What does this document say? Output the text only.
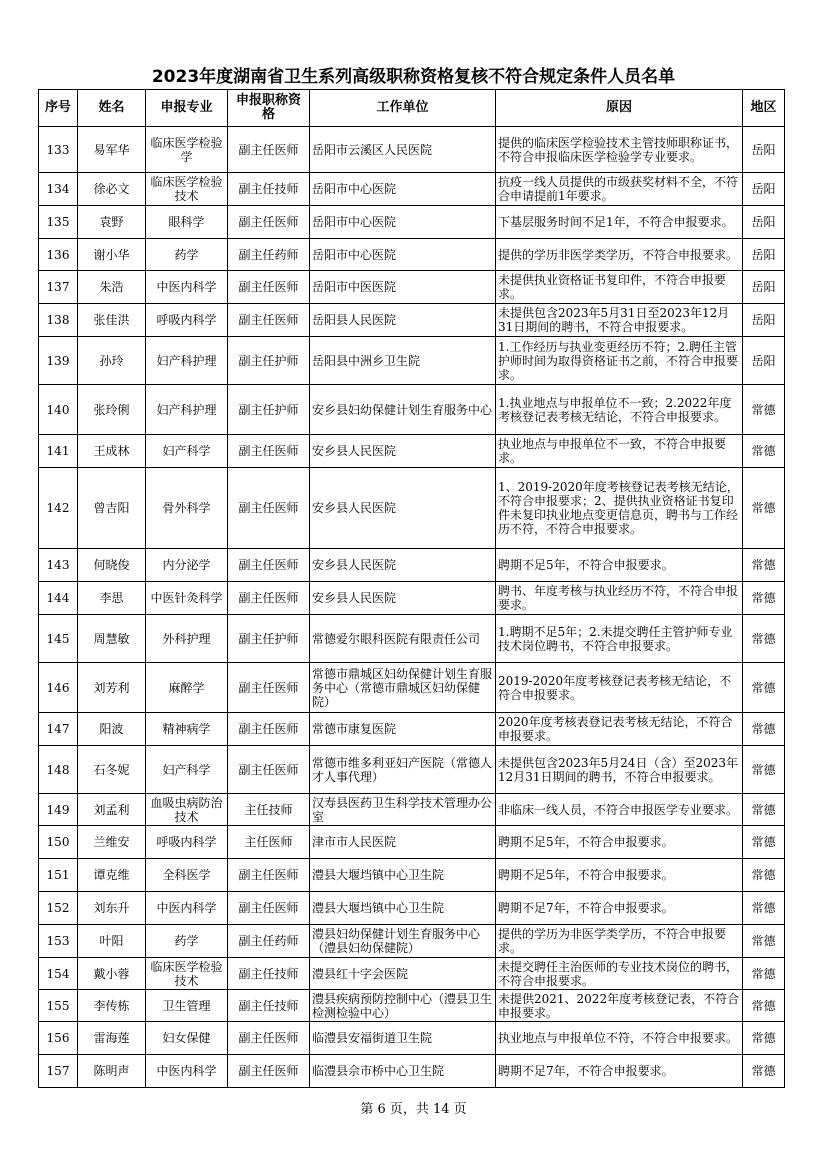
2023年度湖南省卫生系列高级职称资格复核不符合规定条件人员名单
序号	姓名	申报专业	申报职称资格	工作单位	原因	地区
133	易军华	临床医学检验学	副主任医师	岳阳市云溪区人民医院	提供的临床医学检验技术主管技师职称证书，不符合申报临床医学检验学专业要求。	岳阳
134	徐必文	临床医学检验技术	副主任技师	岳阳市中心医院	抗疫一线人员提供的市级获奖材料不全，不符合申请提前1年要求。	岳阳
135	袁野	眼科学	副主任医师	岳阳市中心医院	下基层服务时间不足1年，不符合申报要求。	岳阳
136	谢小华	药学	副主任药师	岳阳市中心医院	提供的学历非医学类学历，不符合申报要求。	岳阳
137	朱浩	中医内科学	副主任医师	岳阳市中医医院	未提供执业资格证书复印件，不符合申报要求。	岳阳
138	张佳洪	呼吸内科学	副主任医师	岳阳县人民医院	未提供包含2023年5月31日至2023年12月31日期间的聘书，不符合申报要求。	岳阳
139	孙玲	妇产科护理	副主任护师	岳阳县中洲乡卫生院	1.工作经历与执业变更经历不符；2.聘任主管护师时间为取得资格证书之前，不符合申报要求。	岳阳
140	张玲俐	妇产科护理	副主任护师	安乡县妇幼保健计划生育服务中心	1.执业地点与申报单位不一致；2.2022年度考核登记表考核无结论，不符合申报要求。	常德
141	王成林	妇产科学	副主任医师	安乡县人民医院	执业地点与申报单位不一致，不符合申报要求。	常德
142	曾吉阳	骨外科学	副主任医师	安乡县人民医院	1、2019-2020年度考核登记表考核无结论，不符合申报要求；2、提供执业资格证书复印件未复印执业地点变更信息页，聘书与工作经历不符，不符合申报要求。	常德
143	何晓俊	内分泌学	副主任医师	安乡县人民医院	聘期不足5年，不符合申报要求。	常德
144	李思	中医针灸科学	副主任医师	安乡县人民医院	聘书、年度考核与执业经历不符，不符合申报要求。	常德
145	周慧敏	外科护理	副主任护师	常德爱尔眼科医院有限责任公司	1.聘期不足5年；2.未提交聘任主管护师专业技术岗位聘书，不符合申报要求。	常德
146	刘芳利	麻醉学	副主任医师	常德市鼎城区妇幼保健计划生育服务中心（常德市鼎城区妇幼保健院）	2019-2020年度考核登记表考核无结论，不符合申报要求。	常德
147	阳波	精神病学	副主任医师	常德市康复医院	2020年度考核表登记表考核无结论，不符合申报要求。	常德
148	石冬妮	妇产科学	副主任医师	常德市维多利亚妇产医院（常德人才人事代理）	未提供包含2023年5月24日（含）至2023年12月31日期间的聘书，不符合申报要求。	常德
149	刘孟利	血吸虫病防治技术	主任技师	汉寿县医药卫生科学技术管理办公室	非临床一线人员，不符合申报医学专业要求。	常德
150	兰维安	呼吸内科学	主任医师	津市市人民医院	聘期不足5年，不符合申报要求。	常德
151	谭克维	全科医学	副主任医师	澧县大堰垱镇中心卫生院	聘期不足5年，不符合申报要求。	常德
152	刘东升	中医内科学	副主任医师	澧县大堰垱镇中心卫生院	聘期不足7年，不符合申报要求。	常德
153	叶阳	药学	副主任药师	澧县妇幼保健计划生育服务中心（澧县妇幼保健院）	提供的学历为非医学类学历，不符合申报要求。	常德
154	戴小蓉	临床医学检验技术	副主任技师	澧县红十字会医院	未提交聘任主治医师的专业技术岗位的聘书，不符合申报要求。	常德
155	李传栋	卫生管理	副主任技师	澧县疾病预防控制中心（澧县卫生检测检验中心）	未提供2021、2022年度考核登记表，不符合申报要求。	常德
156	雷海莲	妇女保健	副主任医师	临澧县安福街道卫生院	执业地点与申报单位不符，不符合申报要求。	常德
157	陈明声	中医内科学	副主任医师	临澧县佘市桥中心卫生院	聘期不足7年，不符合申报要求。	常德
第 6 页，共 14 页
